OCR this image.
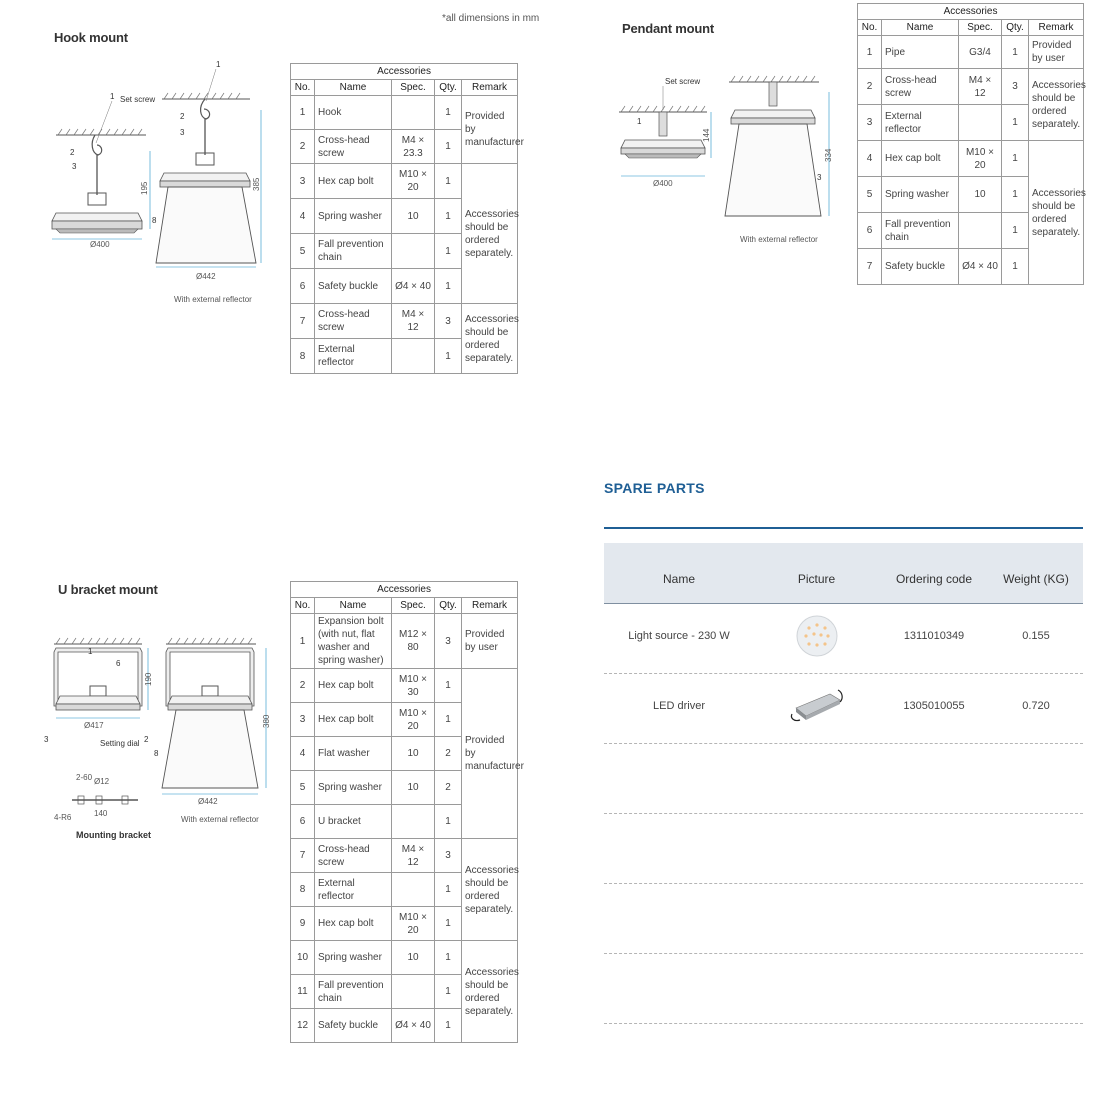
*all dimensions in mm
Hook mount
Ø400
195
2
3
1 Set screw
Ø442
385
1
2
3
8
With external reflector
Accessories				
No.	Name	Spec.	Qty.	Remark
1	Hook		1	Provided by manufacturer
2	Cross-head screw	M4 × 23.3	1	
3	Hex cap bolt	M10 × 20	1	Accessories should be ordered separately.
4	Spring washer	10	1	
5	Fall prevention chain		1	
6	Safety buckle	Ø4 × 40	1	
7	Cross-head screw	M4 × 12	3	Accessories should be ordered separately.
8	External reflector		1	
Pendant mount
Set screw
Ø400
144
1
334
3
With external reflector
Accessories				
No.	Name	Spec.	Qty.	Remark
1	Pipe	G3/4	1	Provided by user
2	Cross-head screw	M4 × 12	3	Accessories should be ordered separately.
3	External reflector		1	
4	Hex cap bolt	M10 × 20	1	Accessories should be ordered separately.
5	Spring washer	10	1	
6	Fall prevention chain		1	
7	Safety buckle	Ø4 × 40	1	
U bracket mount
Ø417
190
1
6
3	Setting dial 2
Ø442
380
8
2-60 Ø12
140
4-R6	With external reflector
Mounting bracket
Accessories				
No.	Name	Spec.	Qty.	Remark
1	Expansion bolt (with nut, flat washer and spring washer)	M12 × 80	3	Provided by user
2	Hex cap bolt	M10 × 30	1	Provided by manufacturer
3	Hex cap bolt	M10 × 20	1	
4	Flat washer	10	2	
5	Spring washer	10	2	
6	U bracket		1	
7	Cross-head screw	M4 × 12	3	Accessories should be ordered separately.
8	External reflector		1	
9	Hex cap bolt	M10 × 20	1	
10	Spring washer	10	1	Accessories should be ordered separately.
11	Fall prevention chain		1	
12	Safety buckle	Ø4 × 40	1	
SPARE PARTS
Name	Picture	Ordering code	Weight (KG)
Light source - 230 W	1311010349	0.155
LED driver	1305010055	0.720
